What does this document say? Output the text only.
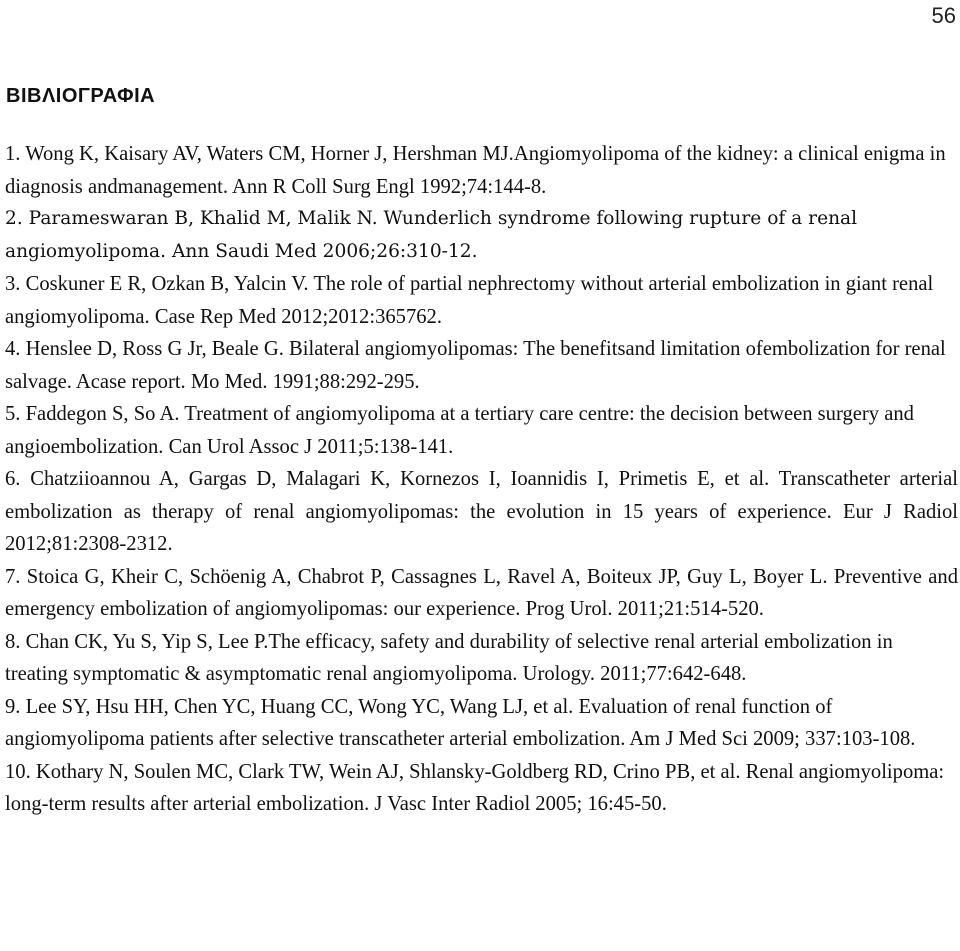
56
ΒΙΒΛΙΟΓΡΑΦΙΑ

1. Wong K, Kaisary AV, Waters CM, Horner J, Hershman MJ.Angiomyolipoma of the kidney: a clinical enigma in diagnosis andmanagement. Ann R Coll Surg Engl 1992;74:144-8.

2. Parameswaran B, Khalid M, Malik N. Wunderlich syndrome following rupture of a renal angiomyolipoma. Ann Saudi Med 2006;26:310-12.

3. Coskuner E R, Ozkan B, Yalcin V. The role of partial nephrectomy without arterial embolization in giant renal angiomyolipoma. Case Rep Med 2012;2012:365762.

4. Henslee D, Ross G Jr, Beale G. Bilateral angiomyolipomas: The benefitsand limitation ofembolization for renal salvage. Acase report. Mo Med. 1991;88:292-295.

5. Faddegon S, So A. Treatment of angiomyolipoma at a tertiary care centre: the decision between surgery and angioembolization. Can Urol Assoc J 2011;5:138-141.

6. Chatziioannou A, Gargas D, Malagari K, Kornezos I, Ioannidis I, Primetis E, et al. Transcatheter arterial embolization as therapy of renal angiomyolipomas: the evolution in 15 years of experience. Eur J Radiol 2012;81:2308-2312.

7. Stoica G, Kheir C, Schöenig A, Chabrot P, Cassagnes L, Ravel A, Boiteux JP, Guy L, Boyer L. Preventive and emergency embolization of angiomyolipomas: our experience. Prog Urol. 2011;21:514-520.

8. Chan CK, Yu S, Yip S, Lee P.The efficacy, safety and durability of selective renal arterial embolization in treating symptomatic & asymptomatic renal angiomyolipoma. Urology. 2011;77:642-648.

9. Lee SY, Hsu HH, Chen YC, Huang CC, Wong YC, Wang LJ, et al. Evaluation of renal function of angiomyolipoma patients after selective transcatheter arterial embolization. Am J Med Sci 2009; 337:103-108.

10. Kothary N, Soulen MC, Clark TW, Wein AJ, Shlansky-Goldberg RD, Crino PB, et al. Renal angiomyolipoma: long-term results after arterial embolization. J Vasc Inter Radiol 2005; 16:45-50.
